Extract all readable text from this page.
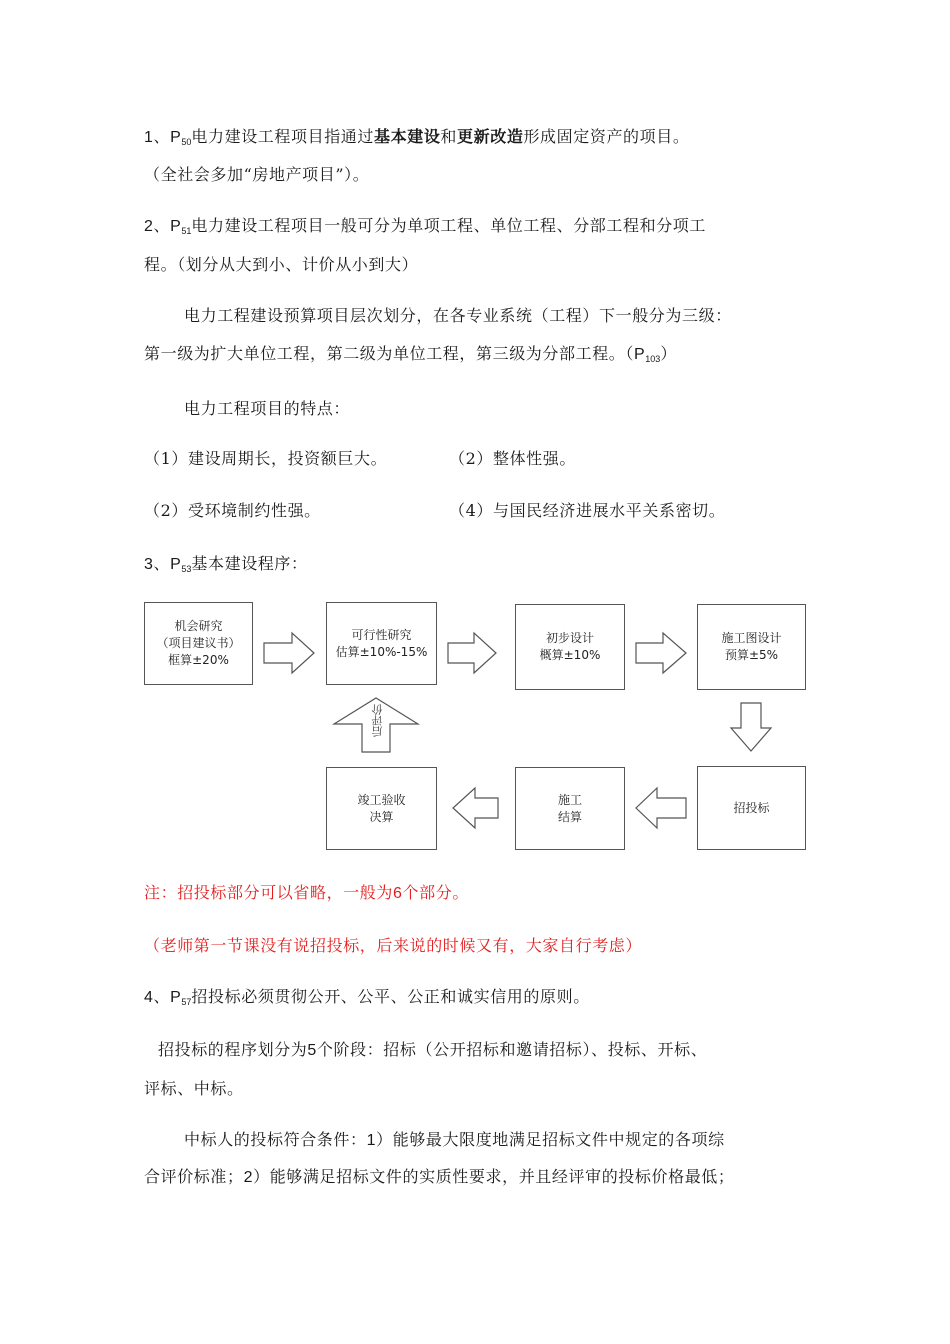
1、$P_{50}$电力建设工程项目指通过基本建设和更新改造形成固定资产的项目。
（全社会多加“房地产项目”）。
2、$P_{51}$电力建设工程项目一般可分为单项工程、单位工程、分部工程和分项工
程。（划分从大到小、计价从小到大）
电力工程建设预算项目层次划分，在各专业系统（工程）下一般分为三级：
第一级为扩大单位工程，第二级为单位工程，第三级为分部工程。$(P_{103})$
电力工程项目的特点：
（1）建设周期长，投资额巨大。	（2）整体性强。
（2）受环境制约性强。	（4）与国民经济进展水平关系密切。
3、$P_{53}$基本建设程序：
机会研究
（项目建议书）
框算±20%
可行性研究
估算±10%-15%
初步设计
概算±10%
施工图设计
预算±5%
招投标
施工
结算
竣工验收
决算
后评价
注：招投标部分可以省略，一般为6个部分。
（老师第一节课没有说招投标，后来说的时候又有，大家自行考虑）
4、$P_{57}$招投标必须贯彻公开、公平、公正和诚实信用的原则。
招投标的程序划分为5个阶段：招标（公开招标和邀请招标）、投标、开标、
评标、中标。
中标人的投标符合条件：1）能够最大限度地满足招标文件中规定的各项综
合评价标准；2）能够满足招标文件的实质性要求，并且经评审的投标价格最低；
